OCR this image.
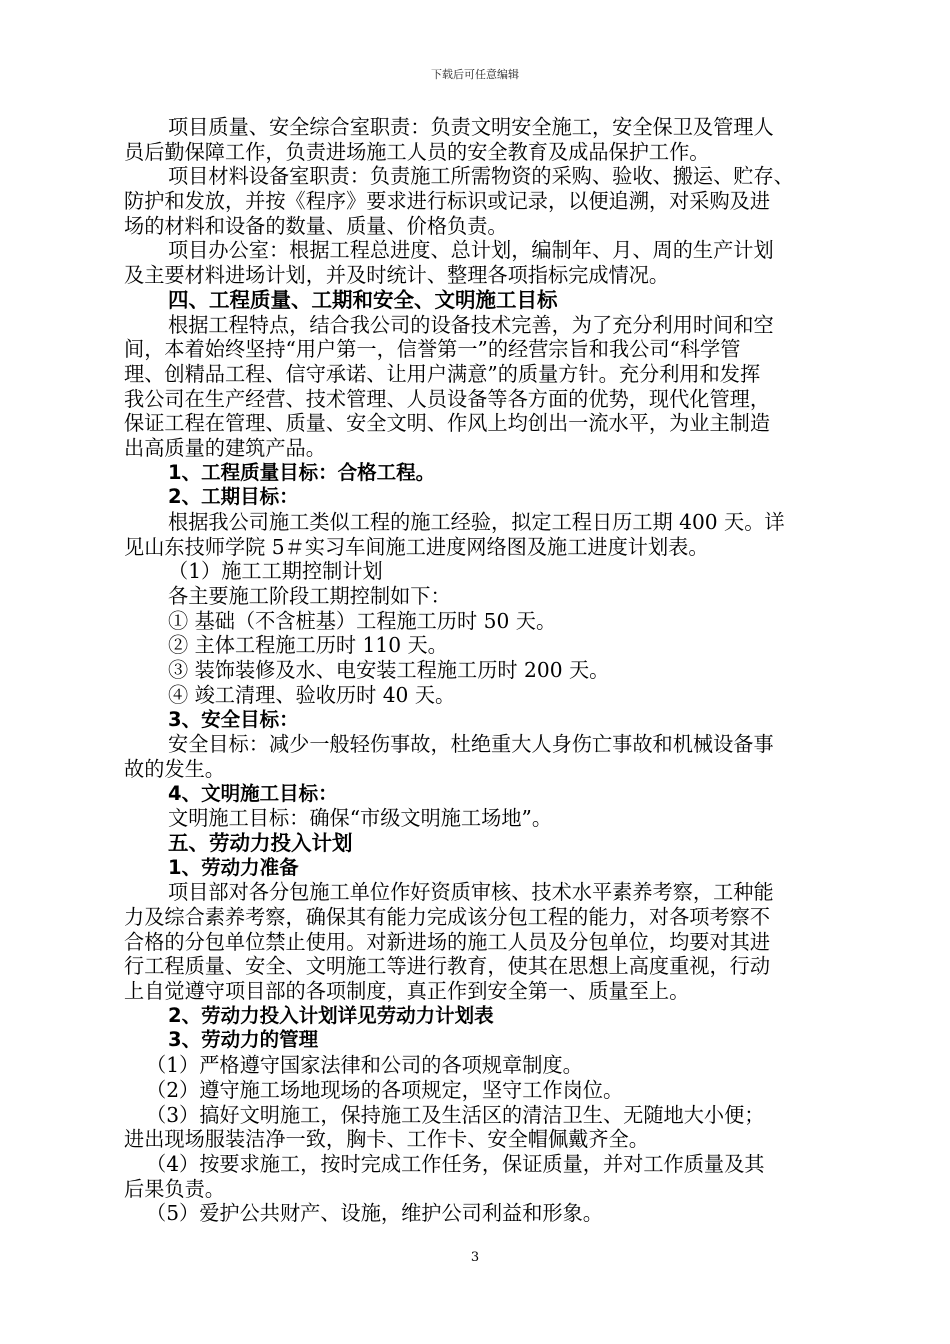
下载后可任意编辑
项目质量、安全综合室职责：负责文明安全施工，安全保卫及管理人
员后勤保障工作，负责进场施工人员的安全教育及成品保护工作。
项目材料设备室职责：负责施工所需物资的采购、验收、搬运、贮存、
防护和发放，并按《程序》要求进行标识或记录，以便追溯，对采购及进
场的材料和设备的数量、质量、价格负责。
项目办公室：根据工程总进度、总计划，编制年、月、周的生产计划
及主要材料进场计划，并及时统计、整理各项指标完成情况。
四、工程质量、工期和安全、文明施工目标
根据工程特点，结合我公司的设备技术完善，为了充分利用时间和空
间，本着始终坚持“用户第一，信誉第一”的经营宗旨和我公司“科学管
理、创精品工程、信守承诺、让用户满意”的质量方针。充分利用和发挥
我公司在生产经营、技术管理、人员设备等各方面的优势，现代化管理，
保证工程在管理、质量、安全文明、作风上均创出一流水平，为业主制造
出高质量的建筑产品。
1、工程质量目标：合格工程。
2、工期目标：
根据我公司施工类似工程的施工经验，拟定工程日历工期 400 天。详
见山东技师学院 5＃实习车间施工进度网络图及施工进度计划表。
（1）施工工期控制计划
各主要施工阶段工期控制如下：
① 基础（不含桩基）工程施工历时 50 天。
② 主体工程施工历时 110 天。
③ 装饰装修及水、电安装工程施工历时 200 天。
④ 竣工清理、验收历时 40 天。
3、安全目标：
安全目标：减少一般轻伤事故，杜绝重大人身伤亡事故和机械设备事
故的发生。
4、文明施工目标：
文明施工目标：确保“市级文明施工场地”。
五、劳动力投入计划
1、劳动力准备
项目部对各分包施工单位作好资质审核、技术水平素养考察，工种能
力及综合素养考察，确保其有能力完成该分包工程的能力，对各项考察不
合格的分包单位禁止使用。对新进场的施工人员及分包单位，均要对其进
行工程质量、安全、文明施工等进行教育，使其在思想上高度重视，行动
上自觉遵守项目部的各项制度，真正作到安全第一、质量至上。
2、劳动力投入计划详见劳动力计划表
3、劳动力的管理
（1）严格遵守国家法律和公司的各项规章制度。
（2）遵守施工场地现场的各项规定，坚守工作岗位。
（3）搞好文明施工，保持施工及生活区的清洁卫生、无随地大小便；
进出现场服装洁净一致，胸卡、工作卡、安全帽佩戴齐全。
（4）按要求施工，按时完成工作任务，保证质量，并对工作质量及其
后果负责。
（5）爱护公共财产、设施，维护公司利益和形象。
3
